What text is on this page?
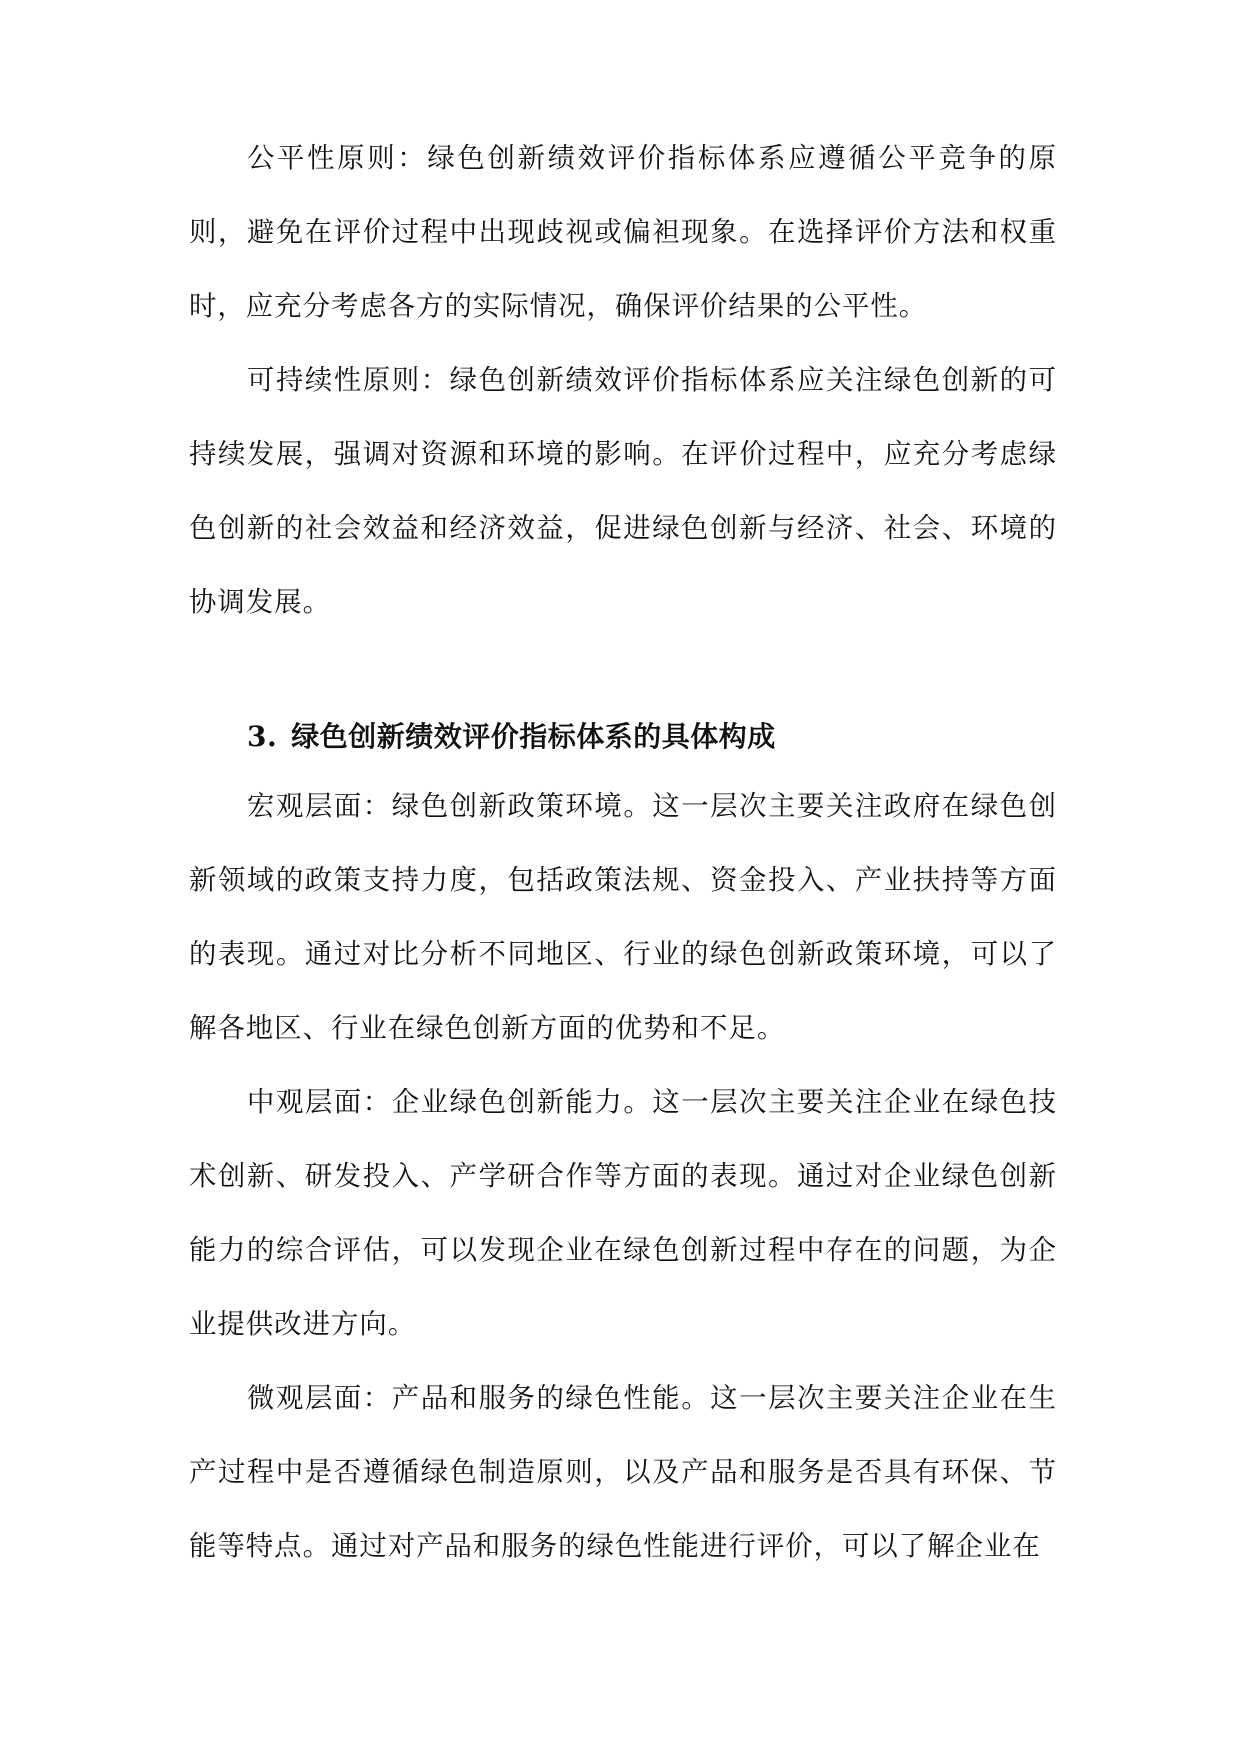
公平性原则：绿色创新绩效评价指标体系应遵循公平竞争的原则，避免在评价过程中出现歧视或偏袒现象。在选择评价方法和权重时，应充分考虑各方的实际情况，确保评价结果的公平性。

可持续性原则：绿色创新绩效评价指标体系应关注绿色创新的可持续发展，强调对资源和环境的影响。在评价过程中，应充分考虑绿色创新的社会效益和经济效益，促进绿色创新与经济、社会、环境的协调发展。

3. 绿色创新绩效评价指标体系的具体构成

宏观层面：绿色创新政策环境。这一层次主要关注政府在绿色创新领域的政策支持力度，包括政策法规、资金投入、产业扶持等方面的表现。通过对比分析不同地区、行业的绿色创新政策环境，可以了解各地区、行业在绿色创新方面的优势和不足。

中观层面：企业绿色创新能力。这一层次主要关注企业在绿色技术创新、研发投入、产学研合作等方面的表现。通过对企业绿色创新能力的综合评估，可以发现企业在绿色创新过程中存在的问题，为企业提供改进方向。

微观层面：产品和服务的绿色性能。这一层次主要关注企业在生产过程中是否遵循绿色制造原则，以及产品和服务是否具有环保、节能等特点。通过对产品和服务的绿色性能进行评价，可以了解企业在
